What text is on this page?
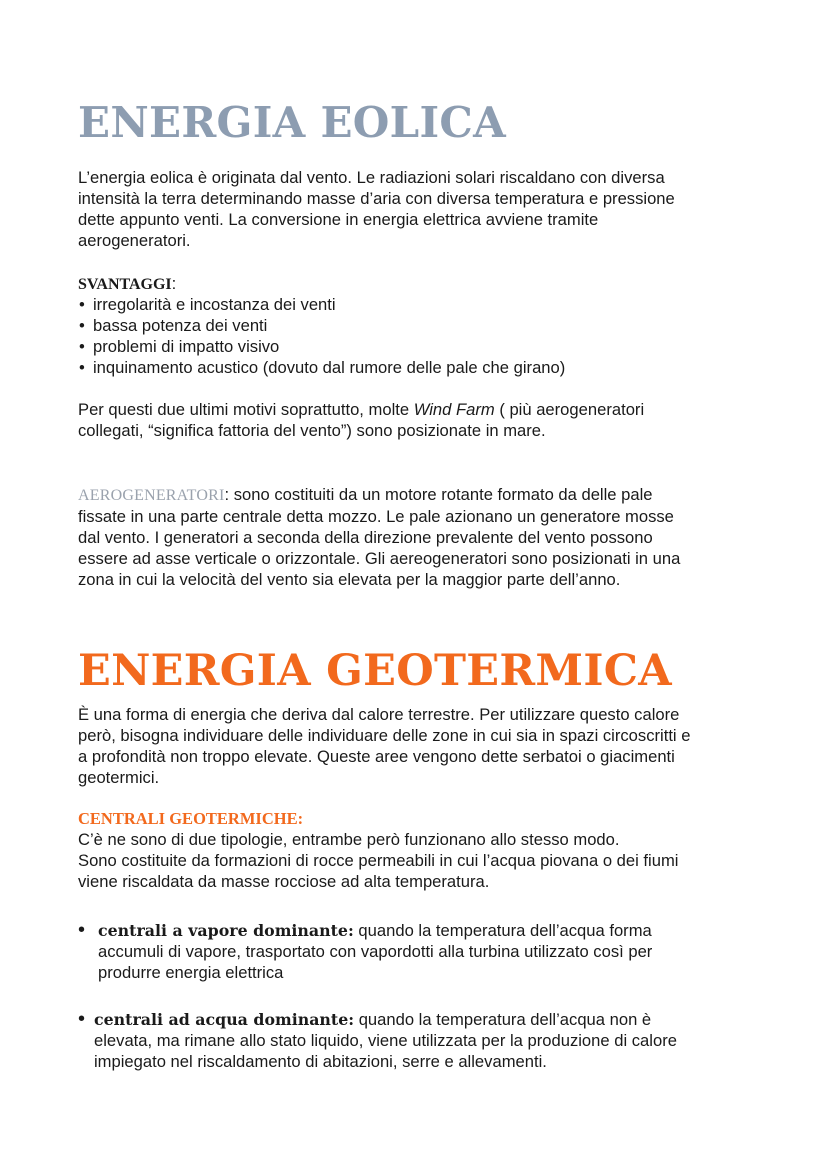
ENERGIA EOLICA
L’energia eolica è originata dal vento. Le radiazioni solari riscaldano con diversa
intensità la terra determinando masse d’aria con diversa temperatura e pressione
dette appunto venti. La conversione in energia elettrica avviene tramite
aerogeneratori.
SVANTAGGI:
• irregolarità e incostanza dei venti
• bassa potenza dei venti
• problemi di impatto visivo
• inquinamento acustico (dovuto dal rumore delle pale che girano)
Per questi due ultimi motivi soprattutto, molte Wind Farm ( più aerogeneratori
collegati, “significa fattoria del vento”) sono posizionate in mare.
AEROGENERATORI: sono costituiti da un motore rotante formato da delle pale
fissate in una parte centrale detta mozzo. Le pale azionano un generatore mosse
dal vento. I generatori a seconda della direzione prevalente del vento possono
essere ad asse verticale o orizzontale. Gli aereogeneratori sono posizionati in una
zona in cui la velocità del vento sia elevata per la maggior parte dell’anno.
ENERGIA GEOTERMICA
È una forma di energia che deriva dal calore terrestre. Per utilizzare questo calore
però, bisogna individuare delle individuare delle zone in cui sia in spazi circoscritti e
a profondità non troppo elevate. Queste aree vengono dette serbatoi o giacimenti
geotermici.
CENTRALI GEOTERMICHE:
C’è ne sono di due tipologie, entrambe però funzionano allo stesso modo.
Sono costituite da formazioni di rocce permeabili in cui l’acqua piovana o dei fiumi
viene riscaldata da masse rocciose ad alta temperatura.
• centrali a vapore dominante: quando la temperatura dell’acqua forma
accumuli di vapore, trasportato con vapordotti alla turbina utilizzato così per
produrre energia elettrica
• centrali ad acqua dominante: quando la temperatura dell’acqua non è
elevata, ma rimane allo stato liquido, viene utilizzata per la produzione di calore
impiegato nel riscaldamento di abitazioni, serre e allevamenti.
